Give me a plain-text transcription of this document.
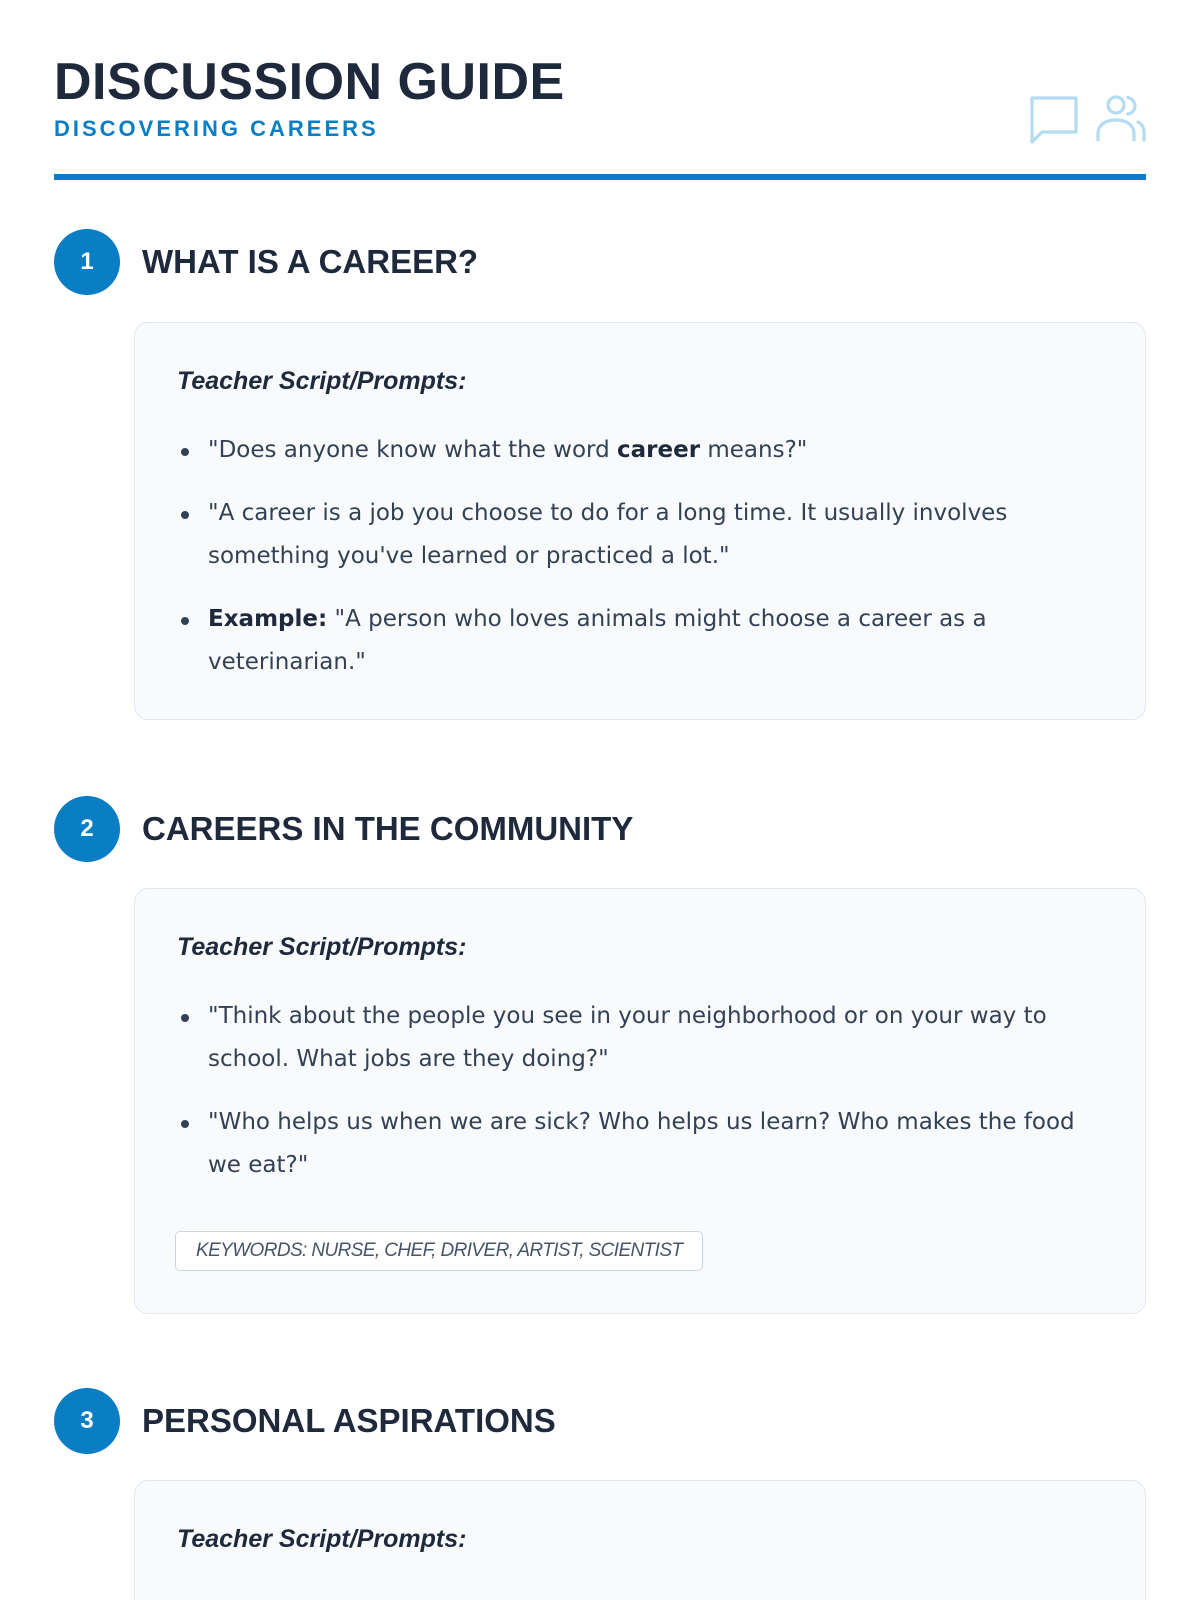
DISCUSSION GUIDE
DISCOVERING CAREERS
1	WHAT IS A CAREER?
Teacher Script/Prompts:
"Does anyone know what the word career means?"
"A career is a job you choose to do for a long time. It usually involves something you've learned or practiced a lot."
Example: "A person who loves animals might choose a career as a veterinarian."
2	CAREERS IN THE COMMUNITY
Teacher Script/Prompts:
"Think about the people you see in your neighborhood or on your way to school. What jobs are they doing?"
"Who helps us when we are sick? Who helps us learn? Who makes the food we eat?"
KEYWORDS: NURSE, CHEF, DRIVER, ARTIST, SCIENTIST
3	PERSONAL ASPIRATIONS
Teacher Script/Prompts:
